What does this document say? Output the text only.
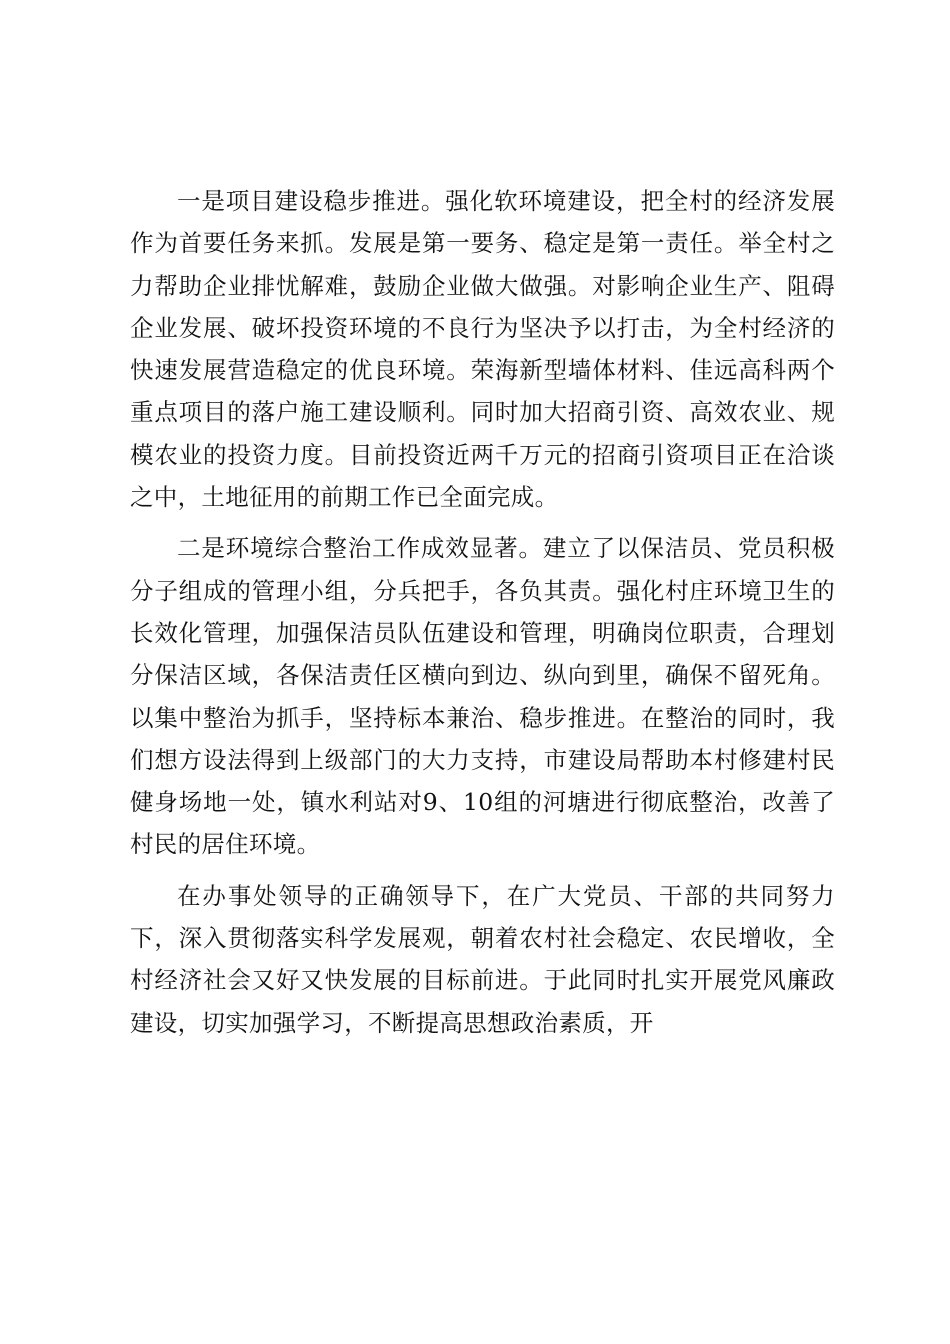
一是项目建设稳步推进。强化软环境建设，把全村的经济发展作为首要任务来抓。发展是第一要务、稳定是第一责任。举全村之力帮助企业排忧解难，鼓励企业做大做强。对影响企业生产、阻碍企业发展、破坏投资环境的不良行为坚决予以打击，为全村经济的快速发展营造稳定的优良环境。荣海新型墙体材料、佳远高科两个重点项目的落户施工建设顺利。同时加大招商引资、高效农业、规模农业的投资力度。目前投资近两千万元的招商引资项目正在洽谈之中，土地征用的前期工作已全面完成。

二是环境综合整治工作成效显著。建立了以保洁员、党员积极分子组成的管理小组，分兵把手，各负其责。强化村庄环境卫生的长效化管理，加强保洁员队伍建设和管理，明确岗位职责，合理划分保洁区域，各保洁责任区横向到边、纵向到里，确保不留死角。以集中整治为抓手，坚持标本兼治、稳步推进。在整治的同时，我们想方设法得到上级部门的大力支持，市建设局帮助本村修建村民健身场地一处，镇水利站对9、10组的河塘进行彻底整治，改善了村民的居住环境。

在办事处领导的正确领导下，在广大党员、干部的共同努力下，深入贯彻落实科学发展观，朝着农村社会稳定、农民增收，全村经济社会又好又快发展的目标前进。于此同时扎实开展党风廉政建设，切实加强学习，不断提高思想政治素质，开
